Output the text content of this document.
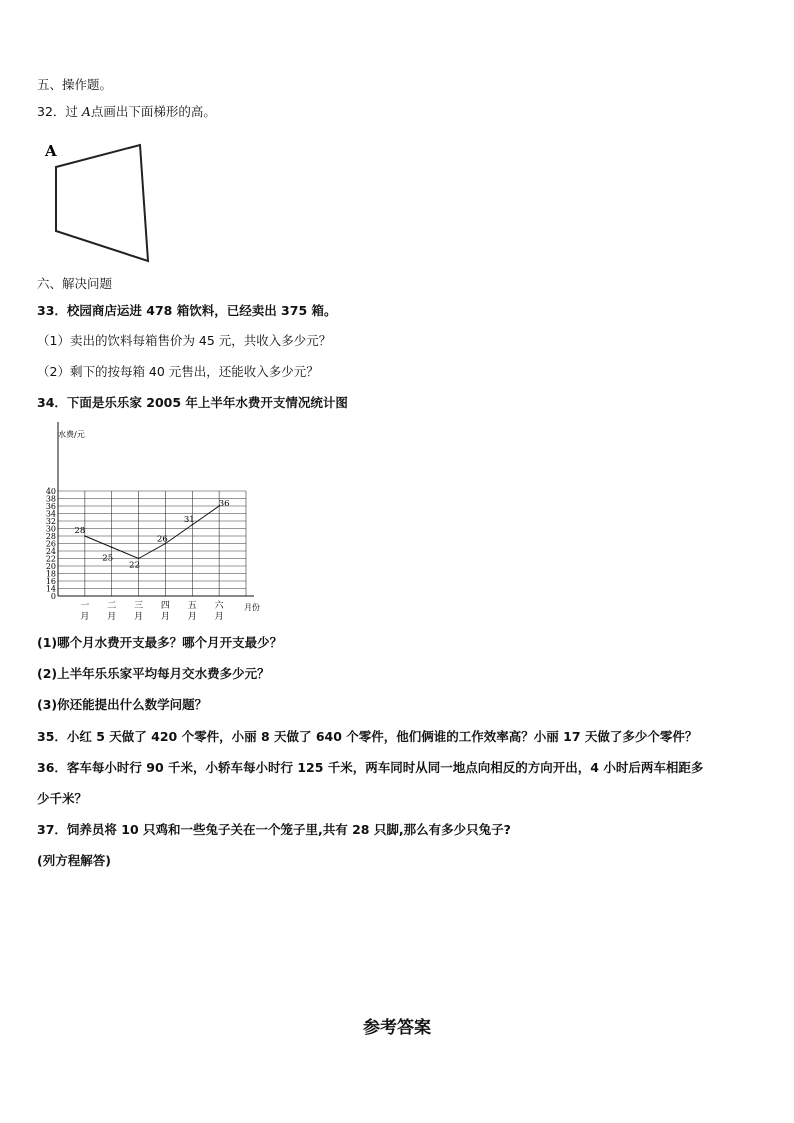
五、操作题。
32．过 A点画出下面梯形的高。
A
六、解决问题
33．校园商店运进 478 箱饮料，已经卖出 375 箱。
（1）卖出的饮料每箱售价为 45 元，共收入多少元？
（2）剩下的按每箱 40 元售出，还能收入多少元？
34．下面是乐乐家 2005 年上半年水费开支情况统计图
0
14
16
18
20
22
24
26
28
30
32
34
36
38
40
一
月
二
月
三
月
四
月
五
月
六
月
28
25
22
26
31
36
水费/元
月份
(1)哪个月水费开支最多？哪个月开支最少？
(2)上半年乐乐家平均每月交水费多少元？
(3)你还能提出什么数学问题？
35．小红 5 天做了 420 个零件，小丽 8 天做了 640 个零件，他们俩谁的工作效率高？小丽 17 天做了多少个零件？
36．客车每小时行 90 千米，小轿车每小时行 125 千米，两车同时从同一地点向相反的方向开出，4 小时后两车相距多
少千米？
37．饲养员将 10 只鸡和一些兔子关在一个笼子里,共有 28 只脚,那么有多少只兔子?
(列方程解答)
参考答案
